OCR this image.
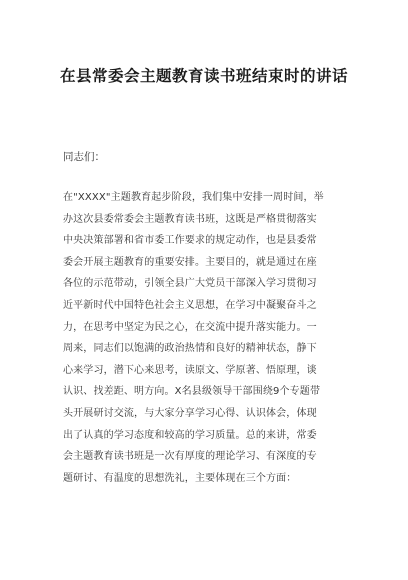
在县常委会主题教育读书班结束时的讲话
同志们：
在"XXXX"主题教育起步阶段，我们集中安排一周时间，举
办这次县委常委会主题教育读书班，这既是严格贯彻落实
中央决策部署和省市委工作要求的规定动作，也是县委常
委会开展主题教育的重要安排。主要目的，就是通过在座
各位的示范带动，引领全县广大党员干部深入学习贯彻习
近平新时代中国特色社会主义思想，在学习中凝聚奋斗之
力，在思考中坚定为民之心，在交流中提升落实能力。一
周来，同志们以饱满的政治热情和良好的精神状态，静下
心来学习，潜下心来思考，读原文、学原著、悟原理，谈
认识、找差距、明方向。X名县级领导干部围绕9个专题带
头开展研讨交流，与大家分享学习心得、认识体会，体现
出了认真的学习态度和较高的学习质量。总的来讲，常委
会主题教育读书班是一次有厚度的理论学习、有深度的专
题研讨、有温度的思想洗礼，主要体现在三个方面：
